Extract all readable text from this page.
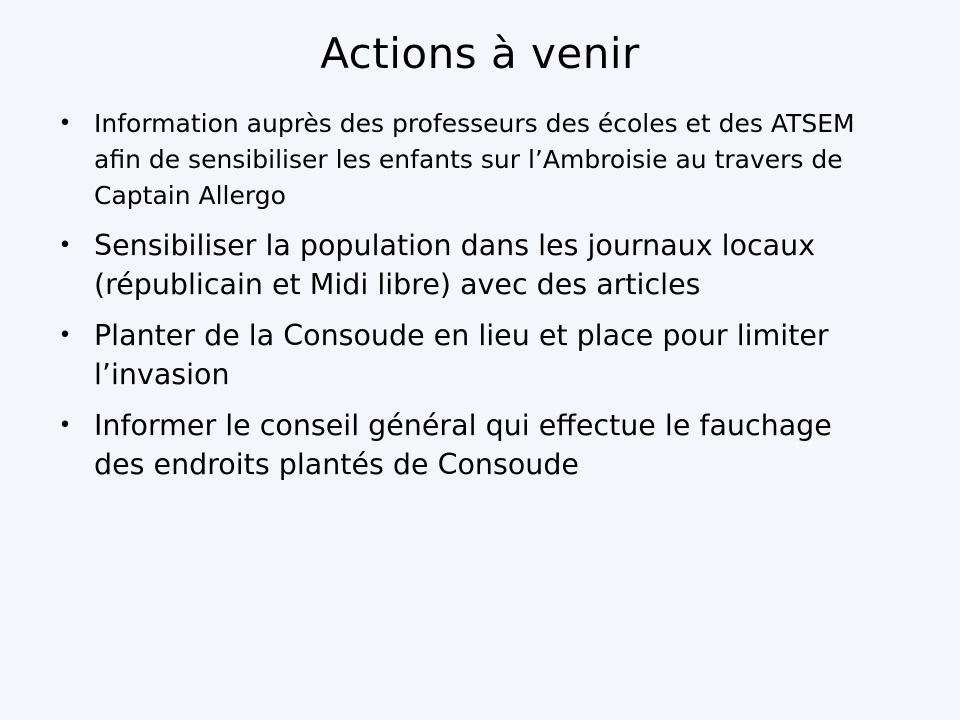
Actions à venir
• Information auprès des professeurs des écoles et des ATSEM afin de sensibiliser les enfants sur l’Ambroisie au travers de Captain Allergo
• Sensibiliser la population dans les journaux locaux (républicain et Midi libre) avec des articles
• Planter de la Consoude en lieu et place pour limiter l’invasion
• Informer le conseil général qui effectue le fauchage des endroits plantés de Consoude
